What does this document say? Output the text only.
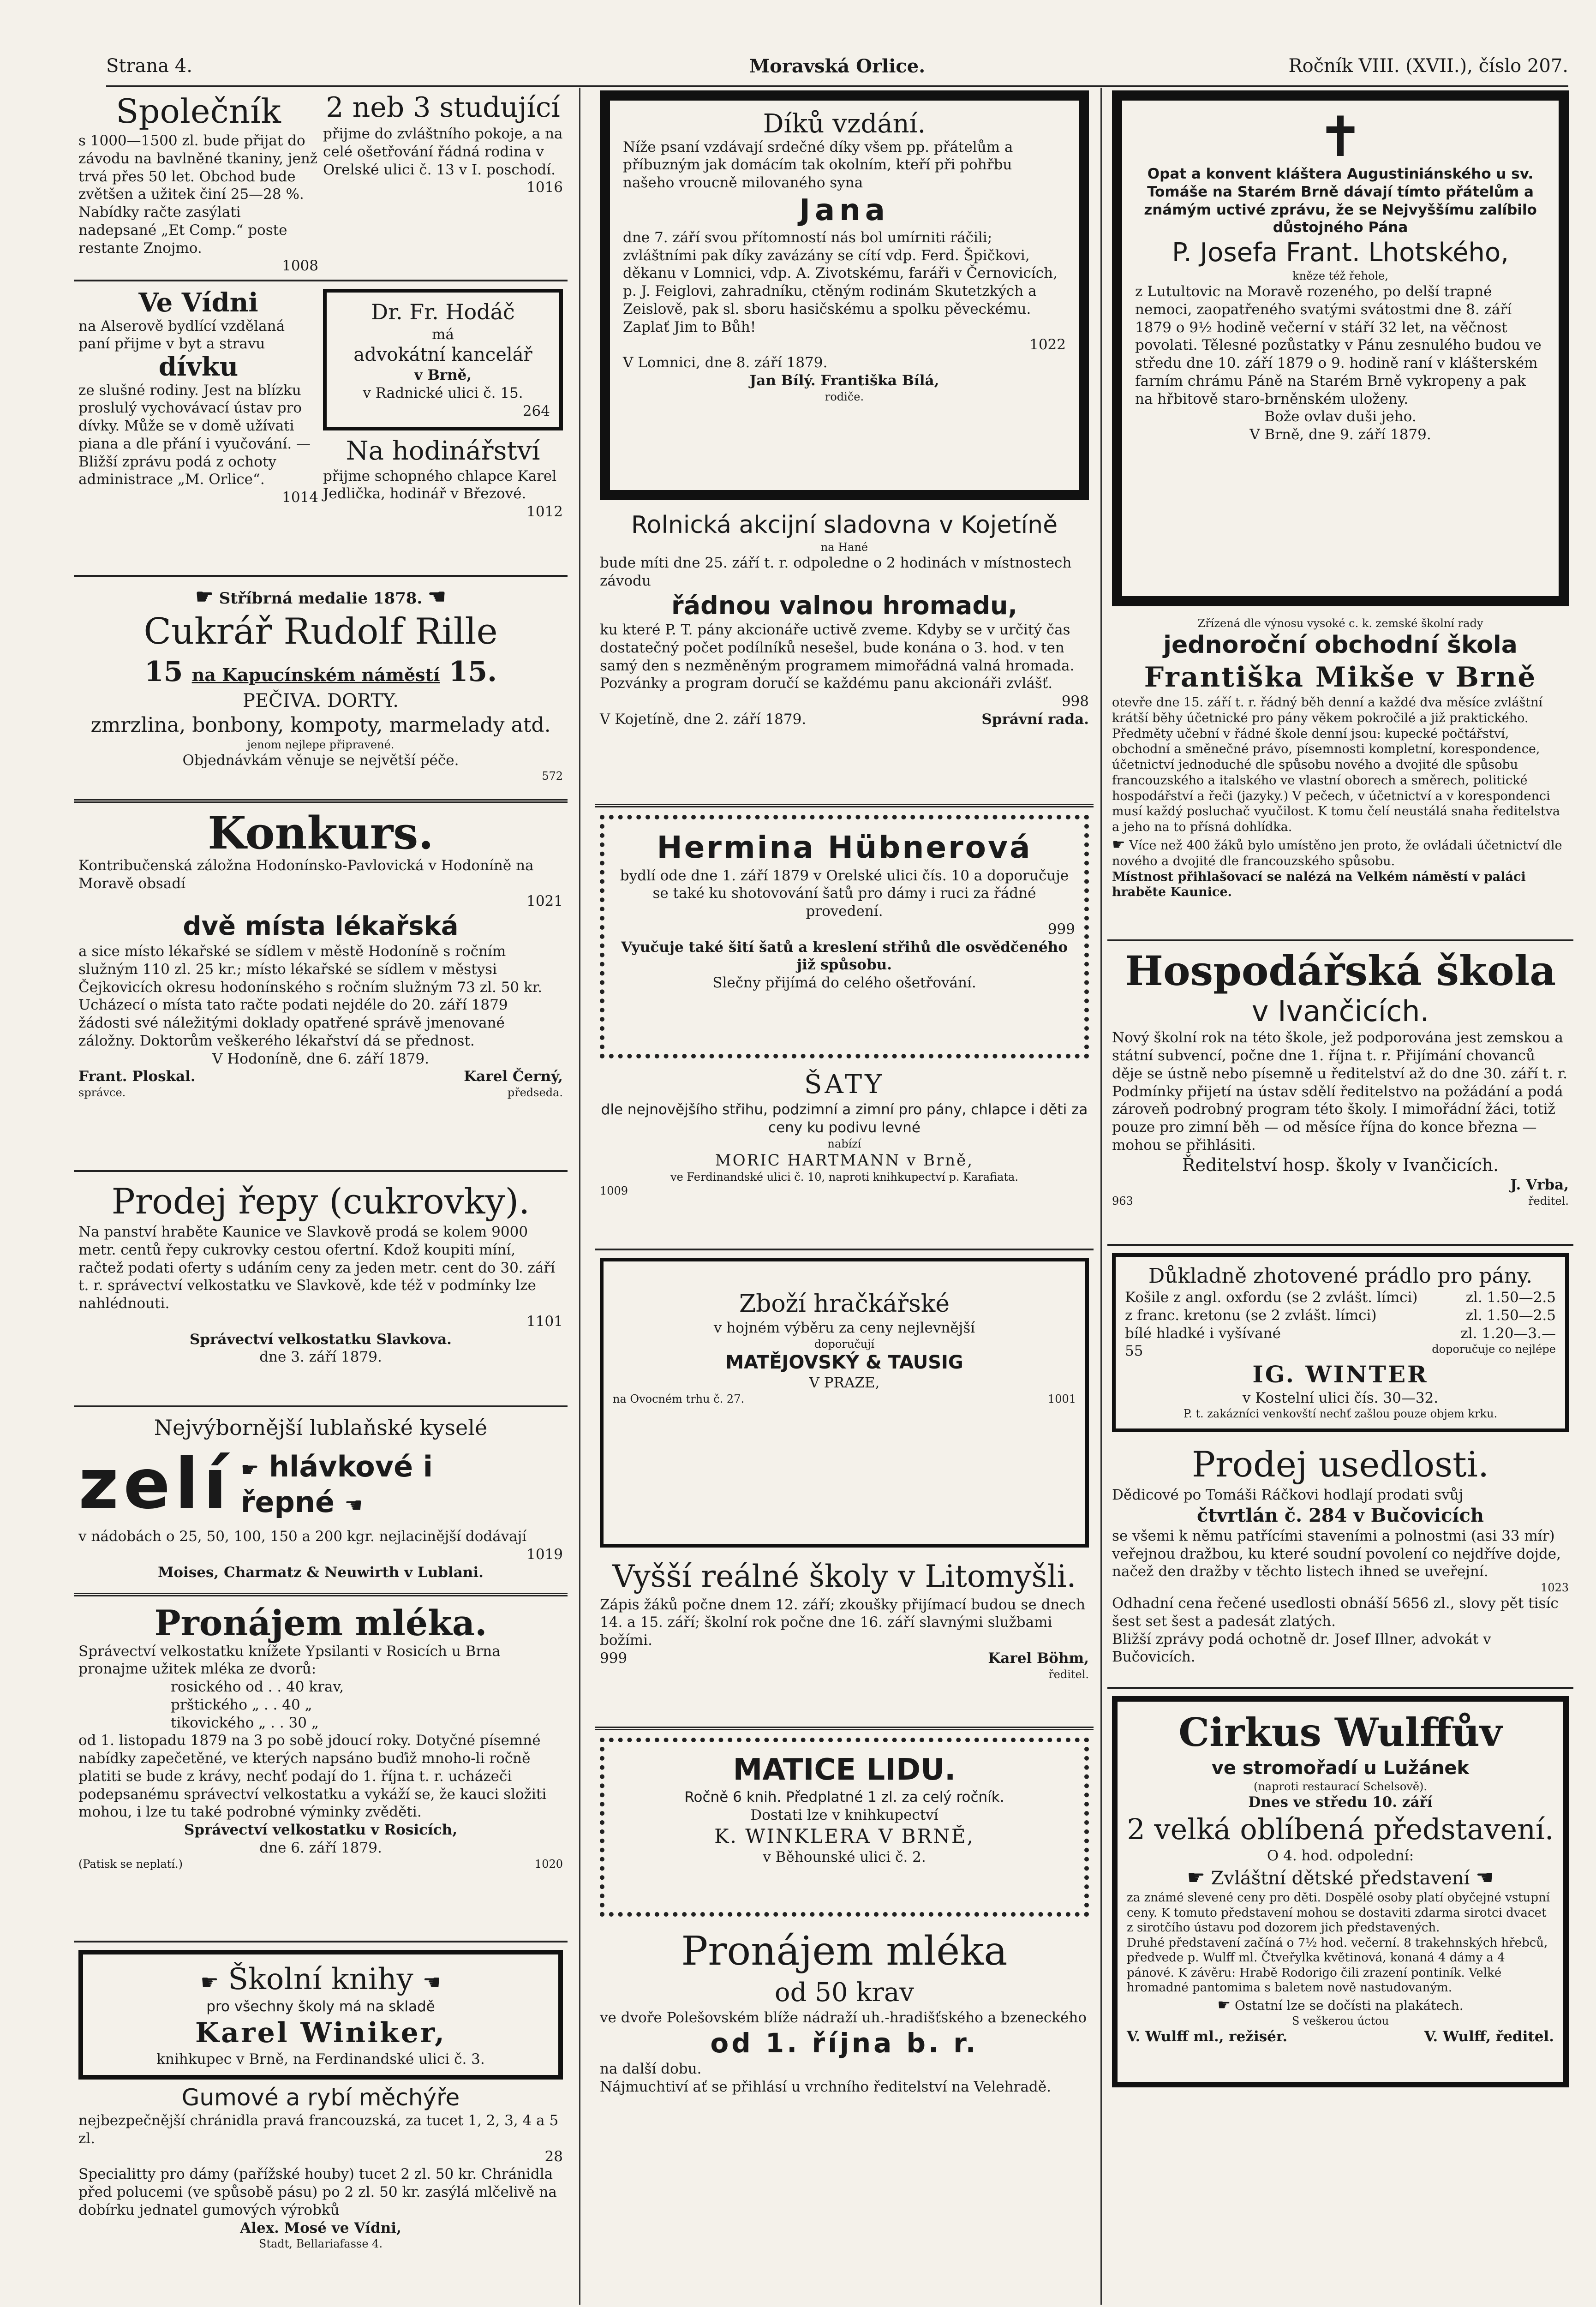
Strana 4.	Moravská Orlice.	Ročník VIII. (XVII.), číslo 207.
Společník
s 1000—1500 zl. bude přijat do závodu na bavlněné tkaniny, jenž trvá přes 50 let. Obchod bude zvětšen a užitek činí 25—28 %. Nabídky račte zasýlati nadepsané „Et Comp.“ poste restante Znojmo.
1008
2 neb 3 studující
přijme do zvláštního pokoje, a na celé ošetřování řádná rodina v Orelské ulici č. 13 v I. poschodí.
1016
Ve Vídni
na Alserově bydlící vzdělaná paní přijme v byt a stravu
dívku
ze slušné rodiny. Jest na blízku proslulý vychovávací ústav pro dívky. Může se v domě užívati piana a dle přání i vyučování. — Bližší zprávu podá z ochoty administrace „M. Orlice“.
1014
Dr. Fr. Hodáč
má
advokátní kancelář
v Brně,
v Radnické ulici č. 15.
264
Na hodinářství
přijme schopného chlapce Karel Jedlička, hodinář v Březové.
1012
☛ Stříbrná medalie 1878. ☚
Cukrář Rudolf Rille
15 na Kapucínském náměstí 15.
PEČIVA. DORTY.
zmrzlina, bonbony, kompoty, marmelady atd.
jenom nejlepe připravené.
Objednávkám věnuje se největší péče.
572
Konkurs.
Kontribučenská záložna Hodonínsko-Pavlovická v Hodoníně na Moravě obsadí
1021
dvě místa lékařská
a sice místo lékařské se sídlem v městě Hodoníně s ročním služným 110 zl. 25 kr.; místo lékařské se sídlem v městysi Čejkovicích okresu hodonínského s ročním služným 73 zl. 50 kr. Ucházecí o místa tato račte podati nejdéle do 20. září 1879 žádosti své náležitými doklady opatřené správě jmenované záložny. Doktorům veškerého lékařství dá se přednost.
V Hodoníně, dne 6. září 1879.
Frant. Ploskal.	Karel Černý,
správce.	předseda.
Prodej řepy (cukrovky).
Na panství hraběte Kaunice ve Slavkově prodá se kolem 9000 metr. centů řepy cukrovky cestou ofertní. Kdož koupiti míní, račtež podati oferty s udáním ceny za jeden metr. cent do 30. září t. r. správectví velkostatku ve Slavkově, kde též v podmínky lze nahlédnouti.
1101
Správectví velkostatku Slavkova.
dne 3. září 1879.
Nejvýbornější lublaňské kyselé
zelí ☛ hlávkové i
řepné ☚
v nádobách o 25, 50, 100, 150 a 200 kgr. nejlacinější dodávají
1019
Moises, Charmatz & Neuwirth v Lublani.
Pronájem mléka.
Správectví velkostatku knížete Ypsilanti v Rosicích u Brna pronajme užitek mléka ze dvorů:
rosického od . . 40 krav,
prštického „ . . 40 „
tikovického „ . . 30 „
od 1. listopadu 1879 na 3 po sobě jdoucí roky. Dotyčné písemné nabídky zapečetěné, ve kterých napsáno buďiž mnoho-li ročně platiti se bude z krávy, nechť podají do 1. října t. r. ucházeči podepsanému správectví velkostatku a vykáží se, že kauci složiti mohou, i lze tu také podrobné výminky zvěděti.
Správectví velkostatku v Rosicích,
dne 6. září 1879.
(Patisk se neplatí.)	1020
☛ Školní knihy ☚
pro všechny školy má na skladě
Karel Winiker,
knihkupec v Brně, na Ferdinandské ulici č. 3.
Gumové a rybí měchýře
nejbezpečnější chránidla pravá francouzská, za tucet 1, 2, 3, 4 a 5 zl.
28
Specialitty pro dámy (pařížské houby) tucet 2 zl. 50 kr. Chránidla před polucemi (ve spůsobě pásu) po 2 zl. 50 kr. zasýlá mlčelivě na dobírku jednatel gumových výrobků
Alex. Mosé ve Vídni,
Stadt, Bellariafasse 4.
Díků vzdání.
Níže psaní vzdávají srdečné díky všem pp. přátelům a příbuzným jak domácím tak okolním, kteří při pohřbu našeho vroucně milovaného syna
Jana
dne 7. září svou přítomností nás bol umírniti ráčili; zvláštními pak díky zavázány se cítí vdp. Ferd. Špičkovi, děkanu v Lomnici, vdp. A. Zivotskému, faráři v Černovicích, p. J. Feiglovi, zahradníku, ctěným rodinám Skutetzkých a Zeislově, pak sl. sboru hasičskému a spolku pěveckému. Zaplať Jim to Bůh!
1022
V Lomnici, dne 8. září 1879.
Jan Bílý. Františka Bílá,
rodiče.
Rolnická akcijní sladovna v Kojetíně
na Hané
bude míti dne 25. září t. r. odpoledne o 2 hodinách v místnostech závodu
řádnou valnou hromadu,
ku které P. T. pány akcionáře uctivě zveme. Kdyby se v určitý čas dostatečný počet podílníků nesešel, bude konána o 3. hod. v ten samý den s nezměněným programem mimořádná valná hromada. Pozvánky a program doručí se každému panu akcionáři zvlášť.
998
V Kojetíně, dne 2. září 1879.	Správní rada.
Hermina Hübnerová
bydlí ode dne 1. září 1879 v Orelské ulici čís. 10 a doporučuje se také ku shotovování šatů pro dámy i ruci za řádné provedení.
999
Vyučuje také šití šatů a kreslení střihů dle osvědčeného již spůsobu.
Slečny přijímá do celého ošetřování.
ŠATY
dle nejnovějšího střihu, podzimní a zimní pro pány, chlapce i děti za ceny ku podivu levné
nabízí
MORIC HARTMANN v Brně,
ve Ferdinandské ulici č. 10, naproti knihkupectví p. Karafiata.
1009
Zboží hračkářské
v hojném výběru za ceny nejlevnější
doporučují
MATĚJOVSKÝ & TAUSIG
V PRAZE,
na Ovocném trhu č. 27.	1001
Vyšší reálné školy v Litomyšli.
Zápis žáků počne dnem 12. září; zkoušky přijímací budou se dnech 14. a 15. září; školní rok počne dne 16. září slavnými službami božími.
999	Karel Böhm,
ředitel.
MATICE LIDU.
Ročně 6 knih. Předplatné 1 zl. za celý ročník.
Dostati lze v knihkupectví
K. WINKLERA V BRNĚ,
v Běhounské ulici č. 2.
Pronájem mléka
od 50 krav
ve dvoře Polešovském blíže nádraží uh.-hradišťského a bzeneckého
od 1. října b. r.
na další dobu.
Nájmuchtiví ať se přihlásí u vrchního ředitelství na Velehradě.
✝
Opat a konvent kláštera Augustiniánského u sv. Tomáše na Starém Brně dávají tímto přátelům a známým uctivé zprávu, že se Nejvyššímu zalíbilo důstojného Pána
P. Josefa Frant. Lhotského,
kněze též řehole,
z Lutultovic na Moravě rozeného, po delší trapné nemoci, zaopatřeného svatými svátostmi dne 8. září 1879 o 9½ hodině večerní v stáří 32 let, na věčnost povolati. Tělesné pozůstatky v Pánu zesnulého budou ve středu dne 10. září 1879 o 9. hodině raní v klášterském farním chrámu Páně na Starém Brně vykropeny a pak na hřbitově staro-brněnském uloženy.
Bože ovlav duši jeho.
V Brně, dne 9. září 1879.
Zřízená dle výnosu vysoké c. k. zemské školní rady
jednoroční obchodní škola
Františka Mikše v Brně
otevře dne 15. září t. r. řádný běh denní a každé dva měsíce zvláštní krátší běhy účetnické pro pány věkem pokročilé a již praktického. Předměty učební v řádné škole denní jsou: kupecké počtářství, obchodní a směnečné právo, písemnosti kompletní, korespondence, účetnictví jednoduché dle spůsobu nového a dvojité dle spůsobu francouzského a italského ve vlastní oborech a směrech, politické hospodářství a řeči (jazyky.) V pečech, v účetnictví a v korespondenci musí každý posluchač vyučilost. K tomu čelí neustálá snaha ředitelstva a jeho na to přísná dohlídka.
☛ Více než 400 žáků bylo umístěno jen proto, že ovládali účetnictví dle nového a dvojité dle francouzského spůsobu.
Místnost přihlašovací se nalézá na Velkém náměstí v paláci hraběte Kaunice.
Hospodářská škola
v Ivančicích.
Nový školní rok na této škole, jež podporována jest zemskou a státní subvencí, počne dne 1. října t. r. Přijímání chovanců děje se ústně nebo písemně u ředitelství až do dne 30. září t. r. Podmínky přijetí na ústav sdělí ředitelstvo na požádání a podá zároveň podrobný program této školy. I mimořádní žáci, totiž pouze pro zimní běh — od měsíce října do konce března — mohou se přihlásiti.
Ředitelství hosp. školy v Ivančicích.
J. Vrba,
963	ředitel.
Důkladně zhotovené prádlo pro pány.
Košile z angl. oxfordu (se 2 zvlášt. límci)	zl. 1.50—2.5
z franc. kretonu (se 2 zvlášt. límci)	zl. 1.50—2.5
bílé hladké i vyšívané	zl. 1.20—3.—
55	doporučuje co nejlépe
IG. WINTER
v Kostelní ulici čís. 30—32.
P. t. zakázníci venkovští nechť zašlou pouze objem krku.
Prodej usedlosti.
Dědicové po Tomáši Ráčkovi hodlají prodati svůj
čtvrtlán č. 284 v Bučovicích
se všemi k němu patřícími staveními a polnostmi (asi 33 mír) veřejnou dražbou, ku které soudní povolení co nejdříve dojde, načež den dražby v těchto listech ihned se uveřejní.
1023
Odhadní cena řečené usedlosti obnáší 5656 zl., slovy pět tisíc šest set šest a padesát zlatých.
Bližší zprávy podá ochotně dr. Josef Illner, advokát v Bučovicích.
Cirkus Wulffův
ve stromořadí u Lužánek
(naproti restaurací Schelsově).
Dnes ve středu 10. září
2 velká oblíbená představení.
O 4. hod. odpolední:
☛ Zvláštní dětské představení ☚
za známé slevené ceny pro děti. Dospělé osoby platí obyčejné vstupní ceny. K tomuto představení mohou se dostaviti zdarma sirotci dvacet z sirotčího ústavu pod dozorem jich představených.
Druhé představení začíná o 7½ hod. večerní. 8 trakehnských hřebců, předvede p. Wulff ml. Čtveřylka květinová, konaná 4 dámy a 4 pánové. K závěru: Hrabě Rodorigo čili zrazení pontiník. Velké hromadné pantomima s baletem nově nastudovaným.
☛ Ostatní lze se dočísti na plakátech.
S veškerou úctou
V. Wulff ml., režisér.	V. Wulff, ředitel.
